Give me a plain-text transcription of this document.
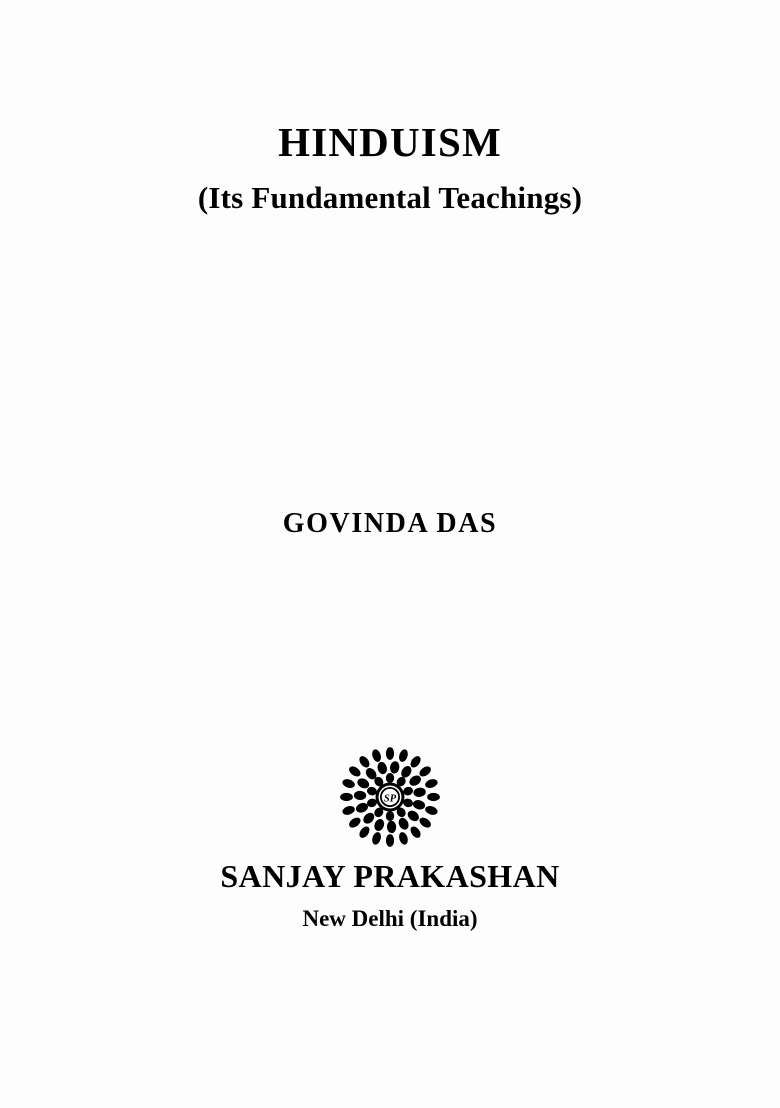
HINDUISM
(Its Fundamental Teachings)

GOVINDA DAS

SP

SANJAY PRAKASHAN

New Delhi (India)
